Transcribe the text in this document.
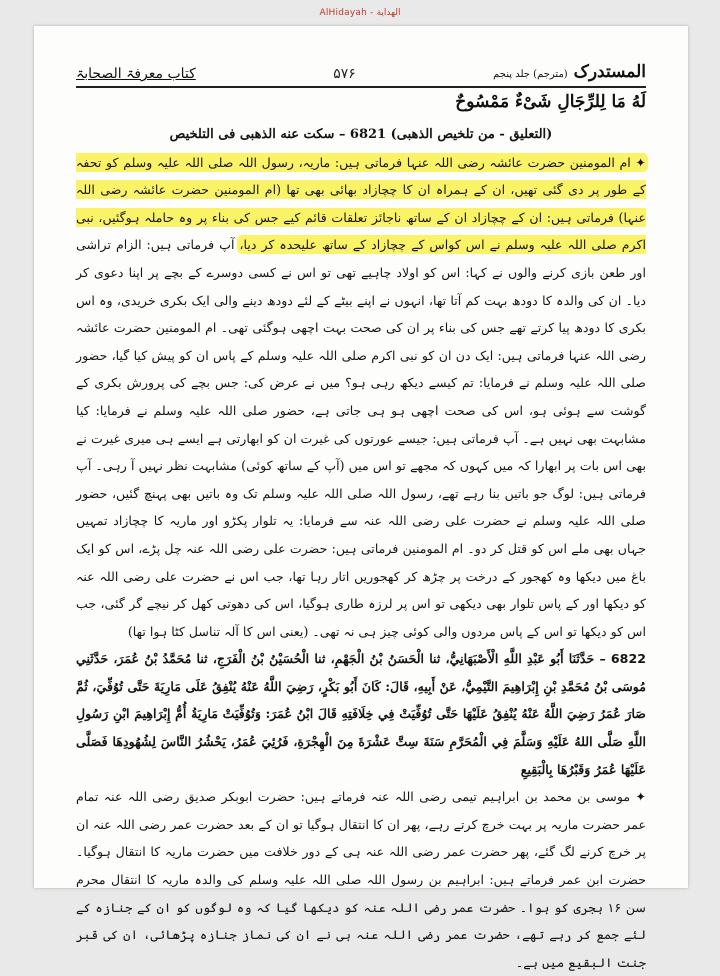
AlHidayah - الهداية
المستدرک (مترجم) جلد پنجم
۵۷۶
کتاب معرفۃ الصحابۃ
لَهُ مَا لِلرِّجَالِ شَیْءٌ مَمْسُوحٌ

(التعليق - من تلخيص الذهبی) 6821 – سكت عنه الذهبی فی التلخيص

✦ ام المومنین حضرت عائشہ رضی اللہ عنہا فرماتی ہیں: ماریہ، رسول اللہ صلی اللہ علیہ وسلم کو تحفہ کے طور پر دی گئی تھیں، ان کے ہمراہ ان کا چچازاد بھائی بھی تھا (ام المومنین حضرت عائشہ رضی اللہ عنہا) فرماتی ہیں: ان کے چچازاد ان کے ساتھ ناجائز تعلقات قائم کیے جس کی بناء پر وہ حاملہ ہوگئیں، نبی اکرم صلی اللہ علیہ وسلم نے اس کواس کے چچازاد کے ساتھ علیحدہ کر دیا، آپ فرماتی ہیں: الزام تراشی اور طعن بازی کرنے والوں نے کہا: اس کو اولاد چاہیے تھی تو اس نے کسی دوسرے کے بچے پر اپنا دعوی کر دیا۔ ان کی والدہ کا دودھ بہت کم آتا تھا، انہوں نے اپنے بیٹے کے لئے دودھ دینے والی ایک بکری خریدی، وہ اس بکری کا دودھ پیا کرتے تھے جس کی بناء پر ان کی صحت بہت اچھی ہوگئی تھی۔ ام المومنین حضرت عائشہ رضی اللہ عنہا فرماتی ہیں: ایک دن ان کو نبی اکرم صلی اللہ علیہ وسلم کے پاس ان کو پیش کیا گیا، حضور صلی اللہ علیہ وسلم نے فرمایا: تم کیسے دیکھ رہی ہو؟ میں نے عرض کی: جس بچے کی پرورش بکری کے گوشت سے ہوئی ہو، اس کی صحت اچھی ہو ہی جاتی ہے، حضور صلی اللہ علیہ وسلم نے فرمایا: کیا مشابہت بھی نہیں ہے۔ آپ فرماتی ہیں: جیسے عورتوں کی غیرت ان کو ابھارتی ہے ایسے ہی میری غیرت نے بھی اس بات پر ابھارا کہ میں کہوں کہ مجھے تو اس میں (آپ کے ساتھ کوئی) مشابہت نظر نہیں آ رہی۔ آپ فرماتی ہیں: لوگ جو باتیں بنا رہے تھے، رسول اللہ صلی اللہ علیہ وسلم تک وہ باتیں بھی پہنچ گئیں، حضور صلی اللہ علیہ وسلم نے حضرت علی رضی اللہ عنہ سے فرمایا: یہ تلوار پکڑو اور ماریہ کا چچازاد تمہیں جہاں بھی ملے اس کو قتل کر دو۔ ام المومنین فرماتی ہیں: حضرت علی رضی اللہ عنہ چل پڑے، اس کو ایک باغ میں دیکھا وہ کھجور کے درخت پر چڑھ کر کھجوریں اتار رہا تھا، جب اس نے حضرت علی رضی اللہ عنہ کو دیکھا اور کے پاس تلوار بھی دیکھی تو اس پر لرزہ طاری ہوگیا، اس کی دھوتی کھل کر نیچے گر گئی، جب اس کو دیکھا تو اس کے پاس مردوں والی کوئی چیز ہی نہ تھی۔ (یعنی اس کا آلہ تناسل کٹا ہوا تھا)

6822 – حَدَّثَنَا أَبُو عَبْدِ اللَّهِ الْأَصْبَهَانِيُّ، ثنا الْحَسَنُ بْنُ الْجَهْمِ، ثنا الْحُسَيْنُ بْنُ الْفَرَجِ، ثنا مُحَمَّدُ بْنُ عُمَرَ، حَدَّثَنِي مُوسَى بْنُ مُحَمَّدِ بْنِ إِبْرَاهِيمَ التَّيْمِيُّ، عَنْ أَبِيهِ، قَالَ: كَانَ أَبُو بَكْرٍ، رَضِيَ اللَّهُ عَنْهُ يُنْفِقُ عَلَى مَارِيَةَ حَتَّى تُوُفِّيَ، ثُمَّ صَارَ عُمَرُ رَضِيَ اللَّهُ عَنْهُ يُنْفِقُ عَلَيْهَا حَتَّى تُوُفِّيَتْ فِي خِلَافَتِهِ قَالَ ابْنُ عُمَرَ: وَتُوُفِّيَتْ مَارِيَةُ أُمُّ إِبْرَاهِيمَ ابْنِ رَسُولِ اللَّهِ صَلَّى اللهُ عَلَيْهِ وَسَلَّمَ فِي الْمُحَرَّمِ سَنَةَ سِتَّ عَشْرَةَ مِنَ الْهِجْرَةِ، فَرُئِيَ عُمَرُ، يَحْشُرُ النَّاسَ لِشُهُودِهَا فَصَلَّى عَلَيْهَا عُمَرُ وَقَبْرُهَا بِالْبَقِيعِ

✦ موسی بن محمد بن ابراہیم تیمی رضی اللہ عنہ فرماتے ہیں: حضرت ابوبکر صدیق رضی اللہ عنہ تمام عمر حضرت ماریہ پر بہت خرچ کرتے رہے، پھر ان کا انتقال ہوگیا تو ان کے بعد حضرت عمر رضی اللہ عنہ ان پر خرچ کرنے لگ گئے، پھر حضرت عمر رضی اللہ عنہ ہی کے دور خلافت میں حضرت ماریہ کا انتقال ہوگیا۔ حضرت ابن عمر فرماتے ہیں: ابراہیم بن رسول اللہ صلی اللہ علیہ وسلم کی والدہ ماریہ کا انتقال محرم سن ۱۶ ہجری کو ہوا۔ حضرت عمر رضی اللہ عنہ کو دیکھا گیا کہ وہ لوگوں کو ان کے جنازہ کے لئے جمع کر رہے تھے، حضرت عمر رضی اللہ عنہ ہی نے ان کی نماز جنازہ پڑھائی، ان کی قبر جنت البقیع میں ہے۔
